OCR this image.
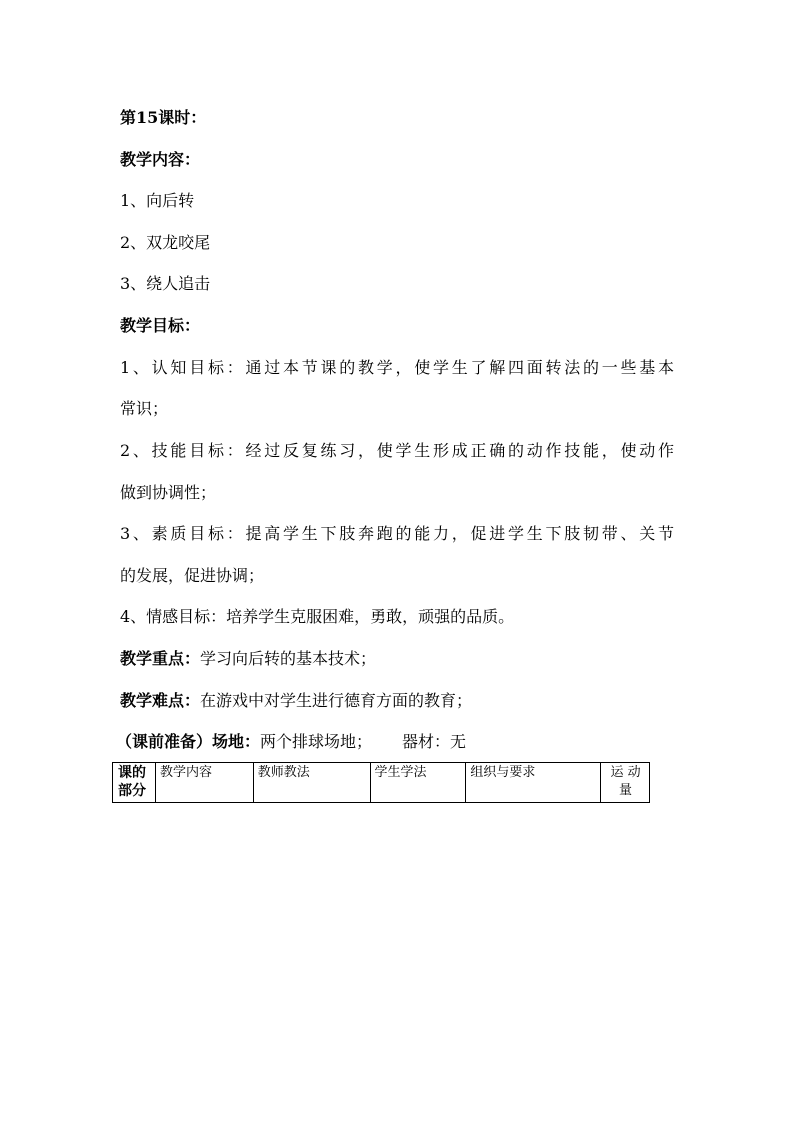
第15课时：
教学内容：
1、向后转
2、双龙咬尾
3、绕人追击
教学目标：
1、认知目标：通过本节课的教学，使学生了解四面转法的一些基本
常识；
2、技能目标：经过反复练习，使学生形成正确的动作技能，使动作
做到协调性；
3、素质目标：提高学生下肢奔跑的能力，促进学生下肢韧带、关节
的发展，促进协调；
4、情感目标：培养学生克服困难，勇敢，顽强的品质。
教学重点：学习向后转的基本技术；
教学难点：在游戏中对学生进行德育方面的教育；
（课前准备）场地：两个排球场地； 器材：无
课的
部分
	教学内容	教师教法	学生学法	组织与要求	运 动
量
